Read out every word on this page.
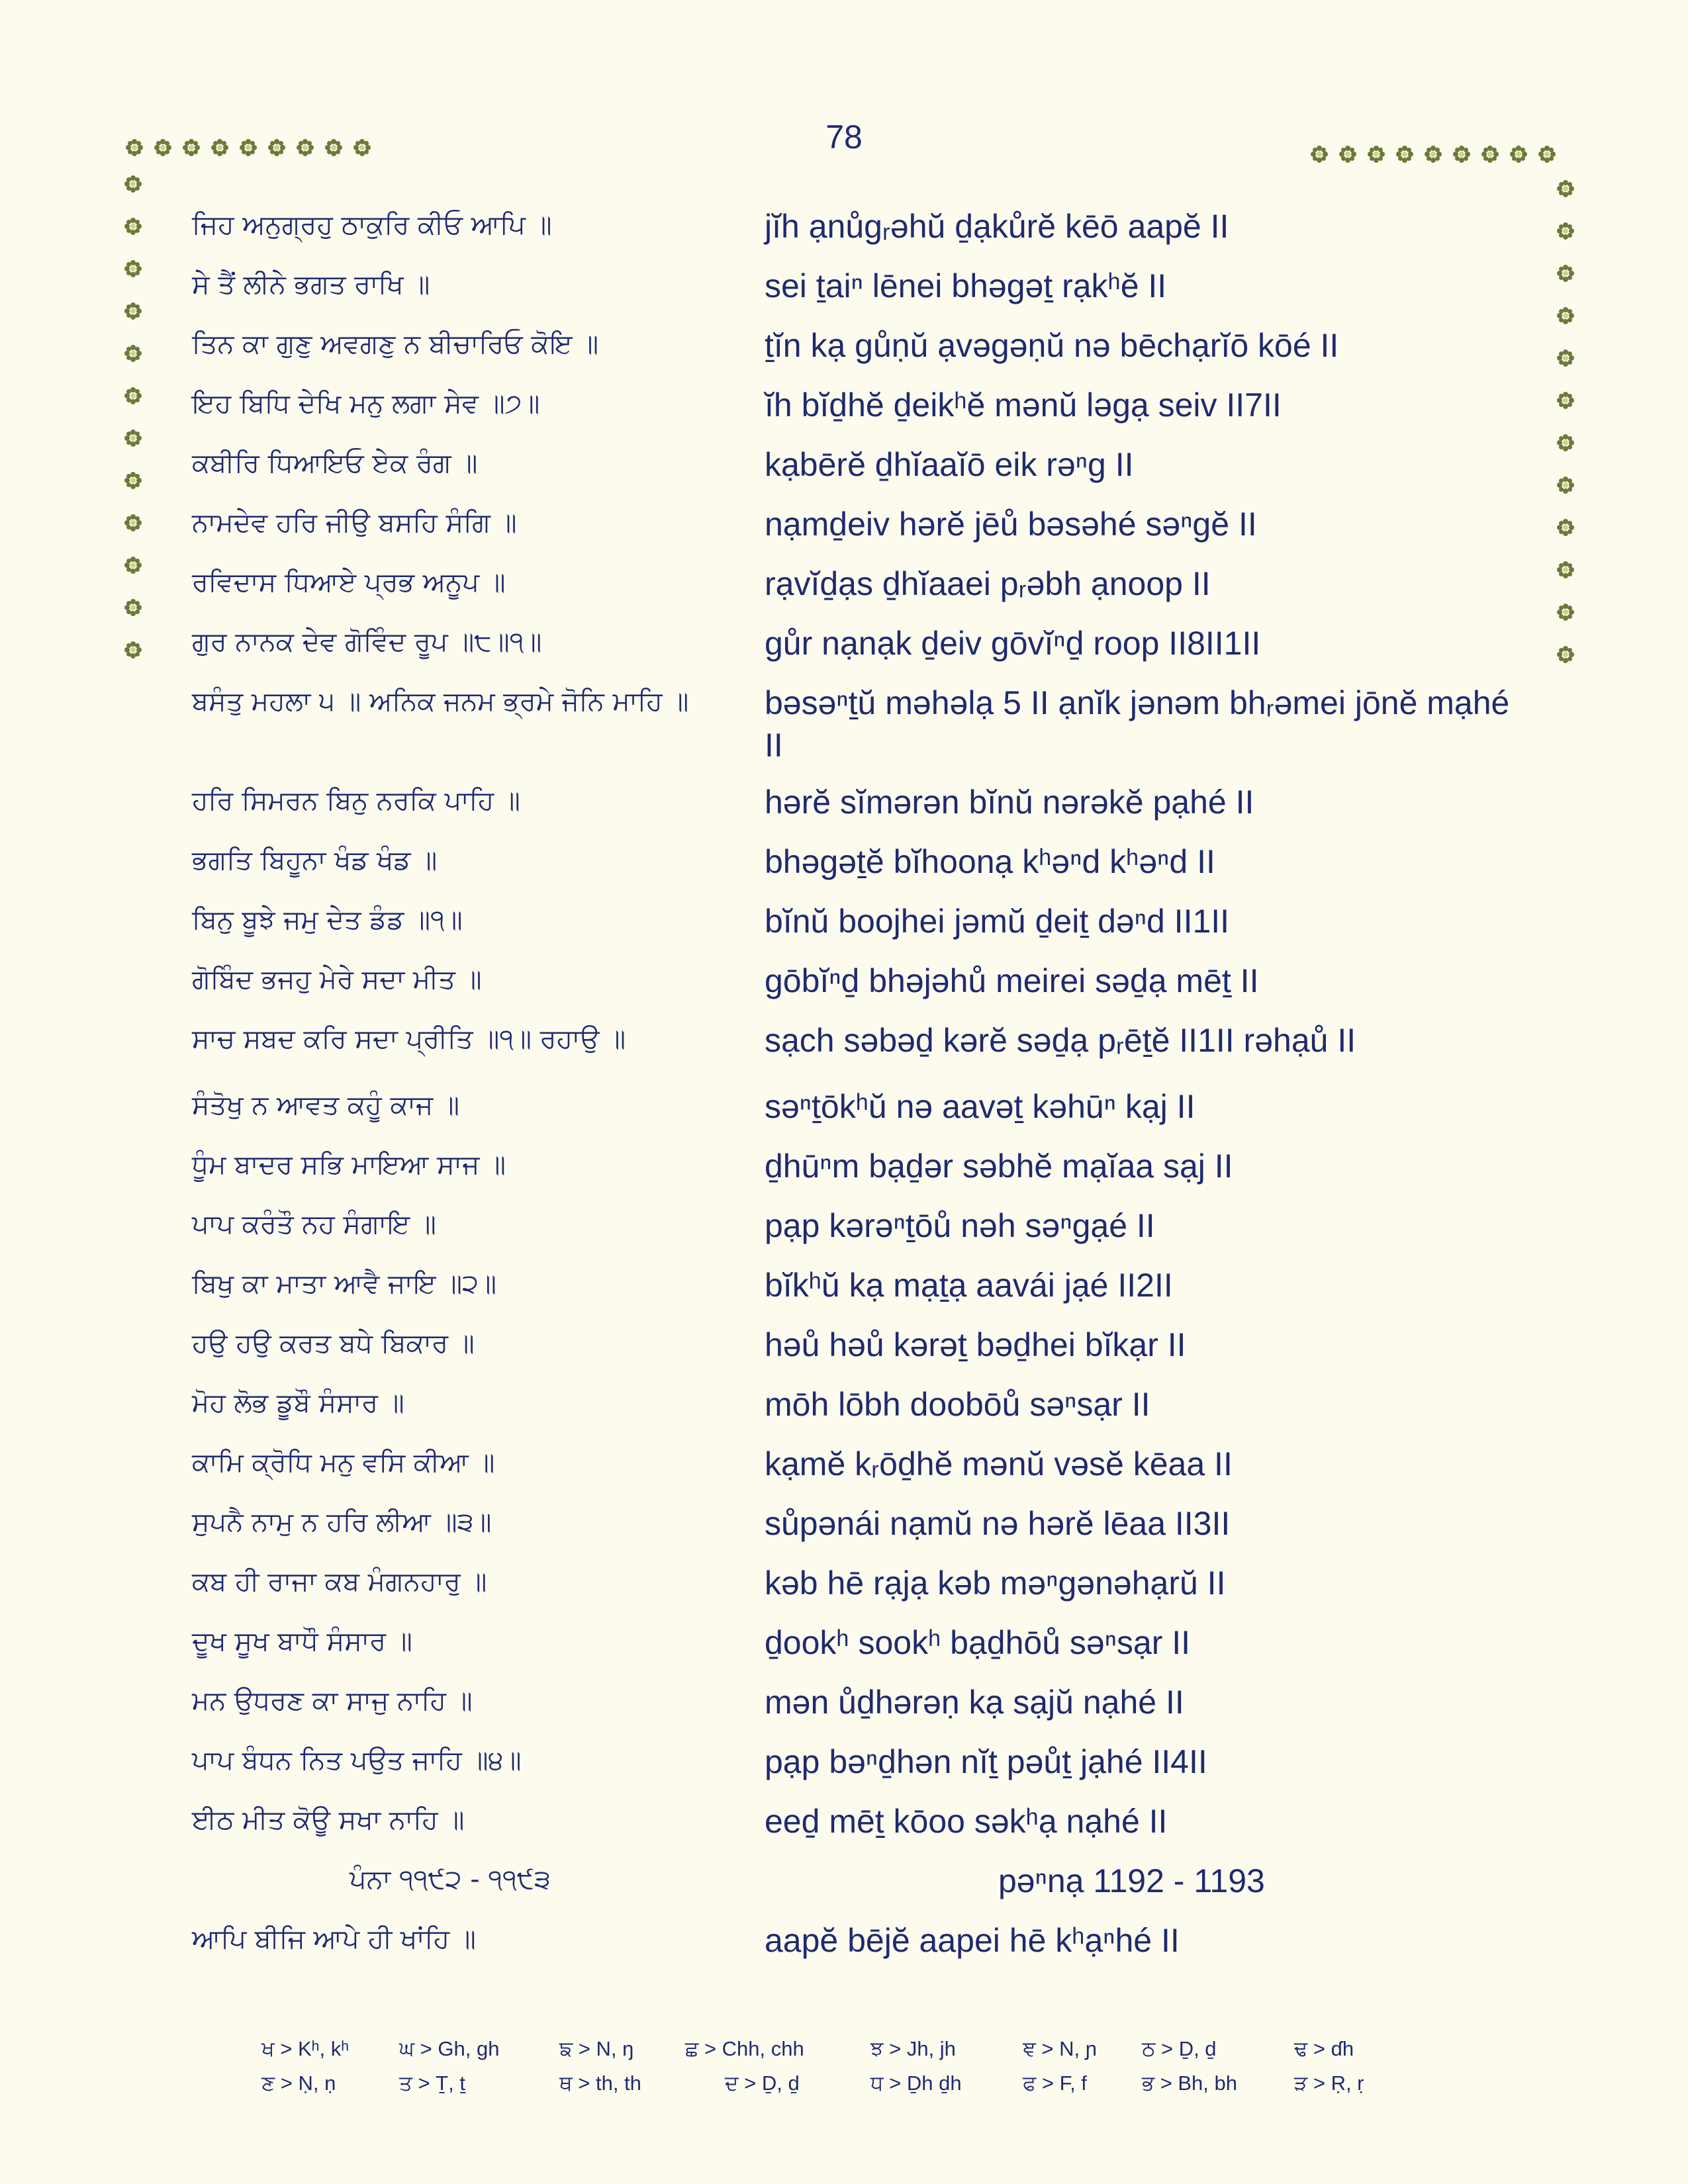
78
ਜਿਹ ਅਨੁਗ੍ਰਹੁ ਠਾਕੁਰਿ ਕੀਓ ਆਪਿ ॥	jĭh ạnůgᵣəhŭ ḏạkůrĕ kēō aapĕ II
ਸੇ ਤੈਂ ਲੀਨੇ ਭਗਤ ਰਾਖਿ ॥	sei ṯaiⁿ lēnei bhəgəṯ rạkʰĕ II
ਤਿਨ ਕਾ ਗੁਣੁ ਅਵਗਣੁ ਨ ਬੀਚਾਰਿਓ ਕੋਇ ॥	ṯĭn kạ gůṇŭ ạvəgəṇŭ nə bēchạrĭō kōé II
ਇਹ ਬਿਧਿ ਦੇਖਿ ਮਨੁ ਲਗਾ ਸੇਵ ॥੭॥	ĭh bĭḏhĕ ḏeikʰĕ mənŭ ləgạ seiv II7II
ਕਬੀਰਿ ਧਿਆਇਓ ਏਕ ਰੰਗ ॥	kạbērĕ ḏhĭaaĭō eik rəⁿg II
ਨਾਮਦੇਵ ਹਰਿ ਜੀਉ ਬਸਹਿ ਸੰਗਿ ॥	nạmḏeiv hərĕ jēů bəsəhé səⁿgĕ II
ਰਵਿਦਾਸ ਧਿਆਏ ਪ੍ਰਭ ਅਨੂਪ ॥	rạvĭḏạs ḏhĭaaei pᵣəbh ạnoop II
ਗੁਰ ਨਾਨਕ ਦੇਵ ਗੋਵਿੰਦ ਰੂਪ ॥੮॥੧॥	gůr nạnạk ḏeiv gōvĭⁿḏ roop II8II1II
ਬਸੰਤੁ ਮਹਲਾ ੫ ॥ ਅਨਿਕ ਜਨਮ ਭ੍ਰਮੇ ਜੋਨਿ ਮਾਹਿ ॥	bəsəⁿṯŭ məhəlạ 5 II ạnĭk jənəm bhᵣəmei jōnĕ mạhé II
ਹਰਿ ਸਿਮਰਨ ਬਿਨੁ ਨਰਕਿ ਪਾਹਿ ॥	hərĕ sĭmərən bĭnŭ nərəkĕ pạhé II
ਭਗਤਿ ਬਿਹੂਨਾ ਖੰਡ ਖੰਡ ॥	bhəgəṯĕ bĭhoonạ kʰəⁿd kʰəⁿd II
ਬਿਨੁ ਬੂਝੇ ਜਮੁ ਦੇਤ ਡੰਡ ॥੧॥	bĭnŭ boojhei jəmŭ ḏeiṯ dəⁿd II1II
ਗੋਬਿੰਦ ਭਜਹੁ ਮੇਰੇ ਸਦਾ ਮੀਤ ॥	gōbĭⁿḏ bhəjəhů meirei səḏạ mēṯ II
ਸਾਚ ਸਬਦ ਕਰਿ ਸਦਾ ਪ੍ਰੀਤਿ ॥੧॥ ਰਹਾਉ ॥	sạch səbəḏ kərĕ səḏạ pᵣēṯĕ II1II rəhạů II
ਸੰਤੋਖੁ ਨ ਆਵਤ ਕਹੂੰ ਕਾਜ ॥	səⁿṯōkʰŭ nə aavəṯ kəhūⁿ kạj II
ਧੂੰਮ ਬਾਦਰ ਸਭਿ ਮਾਇਆ ਸਾਜ ॥	ḏhūⁿm bạḏər səbhĕ mạĭaa sạj II
ਪਾਪ ਕਰੰਤੌ ਨਹ ਸੰਗਾਇ ॥	pạp kərəⁿṯōů nəh səⁿgạé II
ਬਿਖੁ ਕਾ ਮਾਤਾ ਆਵੈ ਜਾਇ ॥੨॥	bĭkʰŭ kạ mạṯạ aavái jạé II2II
ਹਉ ਹਉ ਕਰਤ ਬਧੇ ਬਿਕਾਰ ॥	həů həů kərəṯ bəḏhei bĭkạr II
ਮੋਹ ਲੋਭ ਡੂਬੌ ਸੰਸਾਰ ॥	mōh lōbh doobōů səⁿsạr II
ਕਾਮਿ ਕ੍ਰੋਧਿ ਮਨੁ ਵਸਿ ਕੀਆ ॥	kạmĕ kᵣōḏhĕ mənŭ vəsĕ kēaa II
ਸੁਪਨੈ ਨਾਮੁ ਨ ਹਰਿ ਲੀਆ ॥੩॥	sůpənái nạmŭ nə hərĕ lēaa II3II
ਕਬ ਹੀ ਰਾਜਾ ਕਬ ਮੰਗਨਹਾਰੁ ॥	kəb hē rạjạ kəb məⁿgənəhạrŭ II
ਦੂਖ ਸੂਖ ਬਾਧੌ ਸੰਸਾਰ ॥	ḏookʰ sookʰ bạḏhōů səⁿsạr II
ਮਨ ਉਧਰਣ ਕਾ ਸਾਜੁ ਨਾਹਿ ॥	mən ůḏhərəṇ kạ sạjŭ nạhé II
ਪਾਪ ਬੰਧਨ ਨਿਤ ਪਉਤ ਜਾਹਿ ॥੪॥	pạp bəⁿḏhən nĭṯ pəůṯ jạhé II4II
ਈਠ ਮੀਤ ਕੋਊ ਸਖਾ ਨਾਹਿ ॥	eeḏ mēṯ kōoo səkʰạ nạhé II
ਪੰਨਾ ੧੧੯੨ - ੧੧੯੩	pəⁿnạ 1192 - 1193
ਆਪਿ ਬੀਜਿ ਆਪੇ ਹੀ ਖਾਂਹਿ ॥	aapĕ bējĕ aapei hē kʰạⁿhé II
ਖ > Kʰ, kʰ ਘ > Gh, gh	ਙ > N, ŋ	ਛ > Chh, chh	ਝ > Jh, jh	ਞ > N, ɲ ਠ > Ḏ, ḏ	ਢ > ɗh
ਣ > Ṇ, ṇ	ਤ > Ṯ, ṯ	ਥ > th, th	ਦ > Ḏ, ḏ	ਧ > Ḏh ḏh	ਫ > F, f	ਭ > Bh, bh	ੜ > Ṛ, ṛ
